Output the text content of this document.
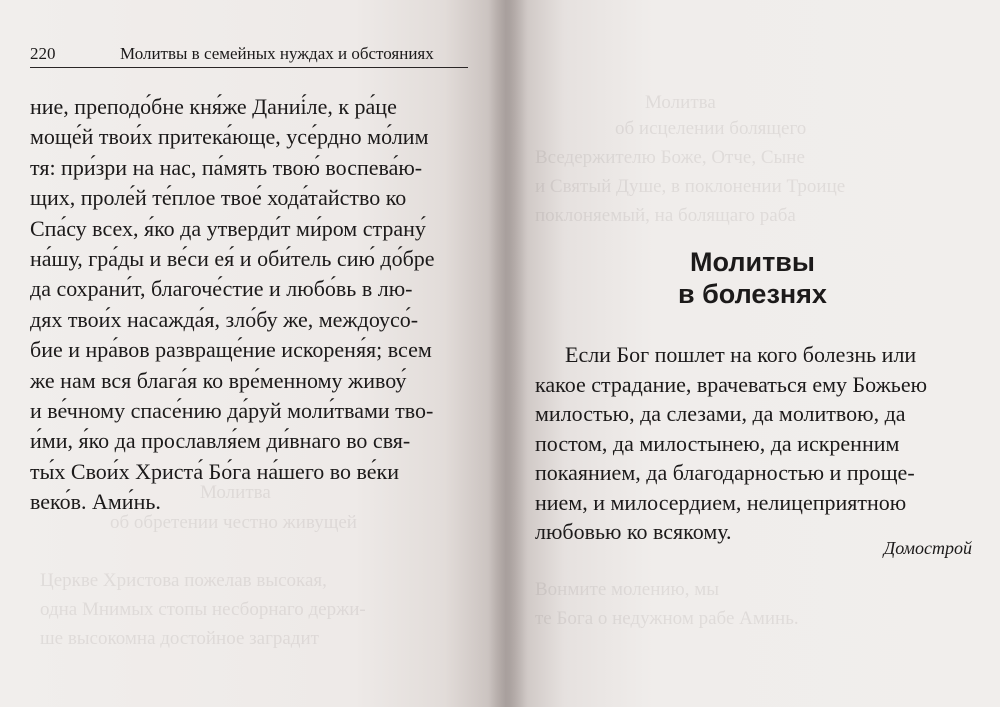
Молитва
об обретении честно живущей
Церкве Христова пожелав высокая,
одна Мнимых стопы несборнаго держи-
ше высокомна достойное заградит
220	Молитвы в семейных нуждах и обстояниях
ние, преподо́бне кня́же Даниі́ле, к ра́це
моще́й твои́х притека́юще, усе́рдно мо́лим
тя: при́зри на нас, па́мять твою́ воспева́ю-
щих, проле́й те́плое твое́ хода́тайство ко
Спа́су всех, я́ко да утверди́т ми́ром страну́
на́шу, гра́ды и ве́си ея́ и оби́тель сию́ до́бре
да сохрани́т, благоче́стие и любо́вь в лю-
дях твои́х насажда́я, зло́бу же, междоусо́-
бие и нра́вов развраще́ние искореня́я; всем
же нам вся блага́я ко вре́менному живоу́
и ве́чному спасе́нию да́руй моли́твами тво-
и́ми, я́ко да прославля́ем ди́внаго во свя-
ты́х Свои́х Христа́ Бо́га на́шего во ве́ки
веко́в. Ами́нь.
Молитва
об исцелении болящего
Вседержителю Боже, Отче, Сыне
и Святый Душе, в поклонении Троице
поклоняемый, на болящаго раба
Вонмите молению, мы
те Бога о недужном рабе Аминь.
Молитвы
в болезнях
Если Бог пошлет на кого болезнь или
какое страдание, врачеваться ему Божьею
милостью, да слезами, да молитвою, да
постом, да милостынею, да искренним
покаянием, да благодарностью и проще-
нием, и милосердием, нелицеприятною
любовью ко всякому.
Домострой
